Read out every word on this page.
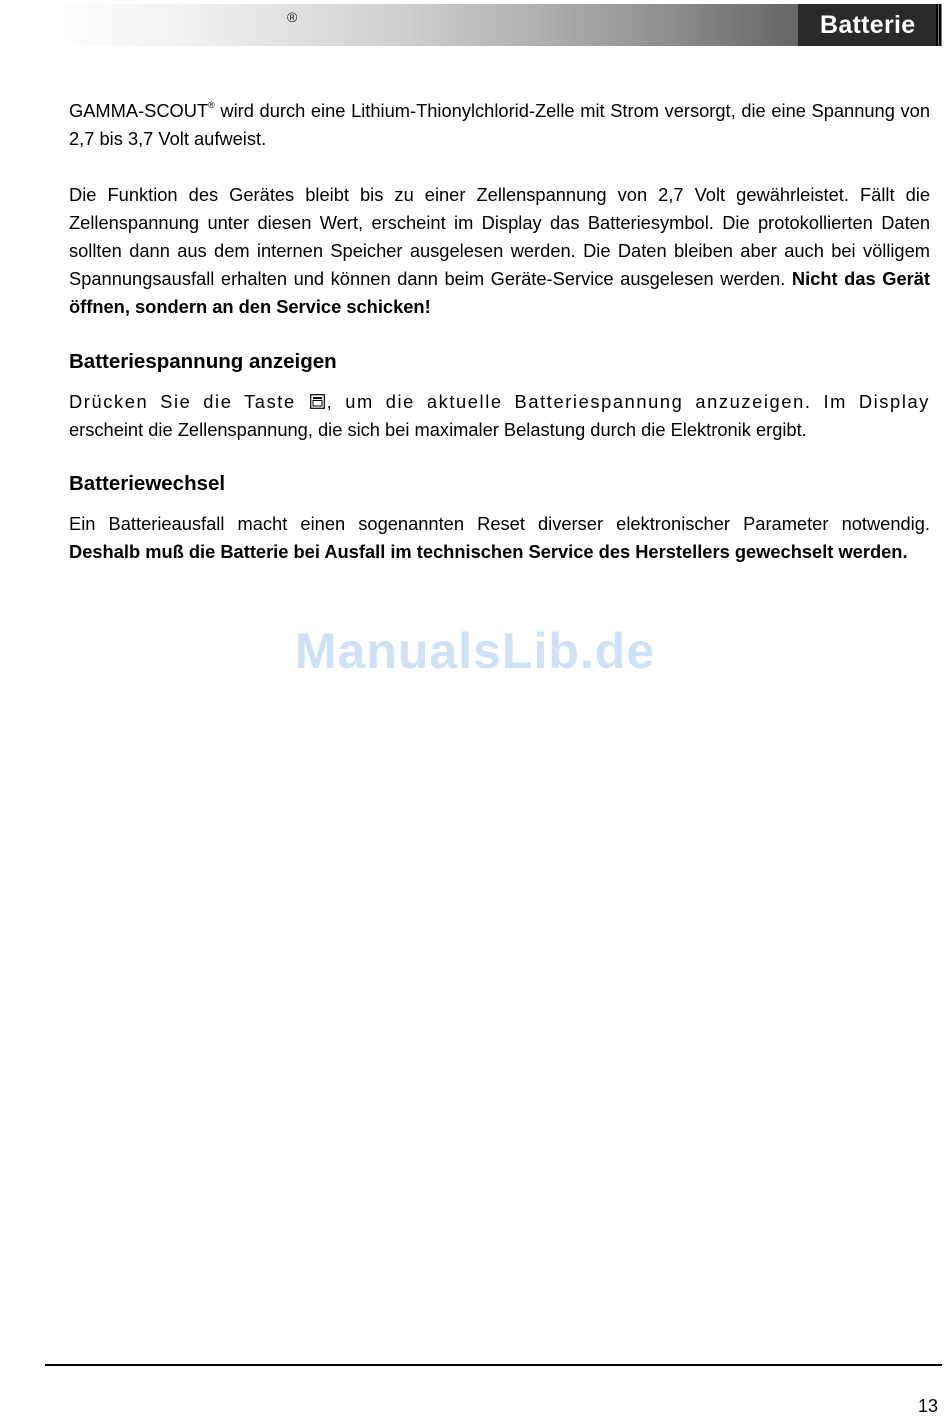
®	Batterie

GAMMA-SCOUT® wird durch eine Lithium-Thionylchlorid-Zelle mit Strom versorgt, die eine Spannung von 2,7 bis 3,7 Volt aufweist.

Die Funktion des Gerätes bleibt bis zu einer Zellenspannung von 2,7 Volt gewährleistet. Fällt die Zellenspannung unter diesen Wert, erscheint im Display das Batteriesymbol. Die protokollierten Daten sollten dann aus dem internen Speicher ausgelesen werden. Die Daten bleiben aber auch bei völligem Spannungsausfall erhalten und können dann beim Geräte-Service ausgelesen werden. Nicht das Gerät öffnen, sondern an den Service schicken!

Batteriespannung anzeigen

Drücken Sie die Taste , um die aktuelle Batteriespannung anzuzeigen. Im Display erscheint die Zellenspannung, die sich bei maximaler Belastung durch die Elektronik ergibt.

Batteriewechsel

Ein Batterieausfall macht einen sogenannten Reset diverser elektronischer Parameter notwendig. Deshalb muß die Batterie bei Ausfall im technischen Service des Herstellers gewechselt werden.

ManualsLib.de
13
